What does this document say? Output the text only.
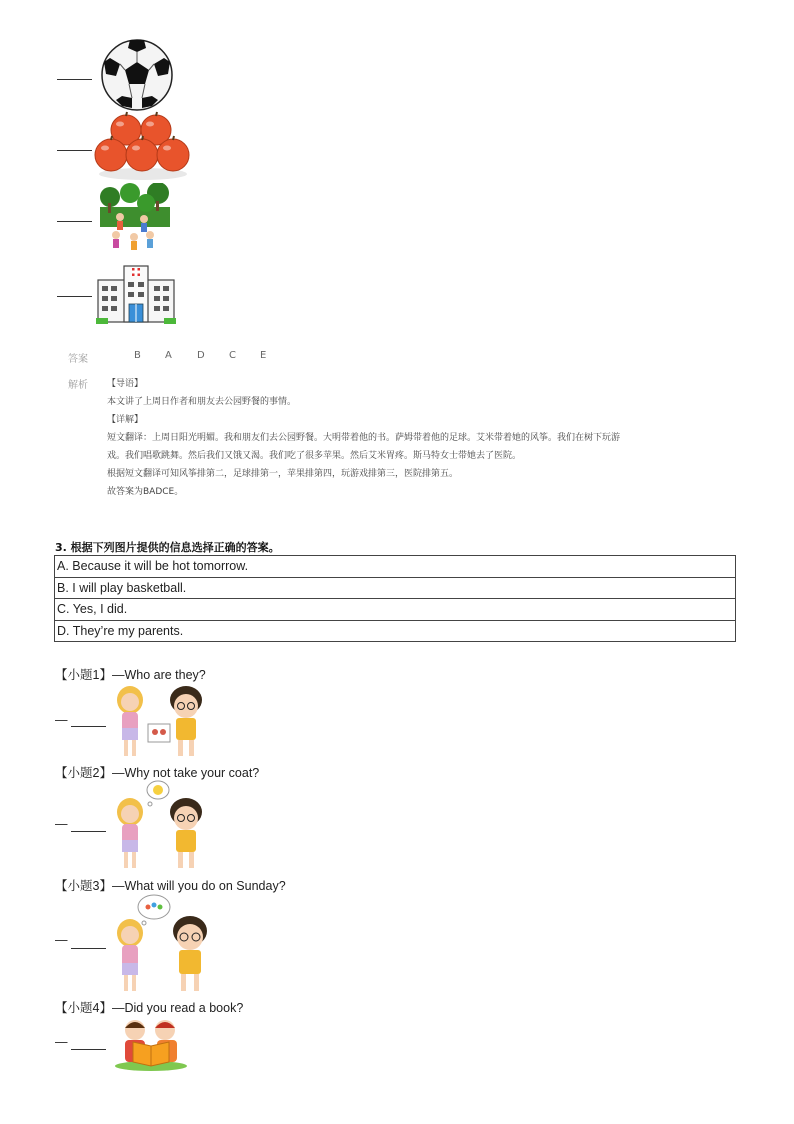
答案	B A	D C E
解析 【导语】
本文讲了上周日作者和朋友去公园野餐的事情。
【详解】
短文翻译：上周日阳光明媚。我和朋友们去公园野餐。大明带着他的书。萨姆带着他的足球。艾米带着她的风筝。我们在树下玩游
戏。我们唱歌跳舞。然后我们又饿又渴。我们吃了很多苹果。然后艾米胃疼。斯马特女士带她去了医院。
根据短文翻译可知风筝排第二，足球排第一，苹果排第四，玩游戏排第三，医院排第五。
故答案为BADCE。
3. 根据下列图片提供的信息选择正确的答案。
A. Because it will be hot tomorrow.
B. I will play basketball.
C. Yes, I did.
D. They’re my parents.
【小题1】—Who are they?
—
【小题2】—Why not take your coat?
—
【小题3】—What will you do on Sunday?
—
【小题4】—Did you read a book?
—
